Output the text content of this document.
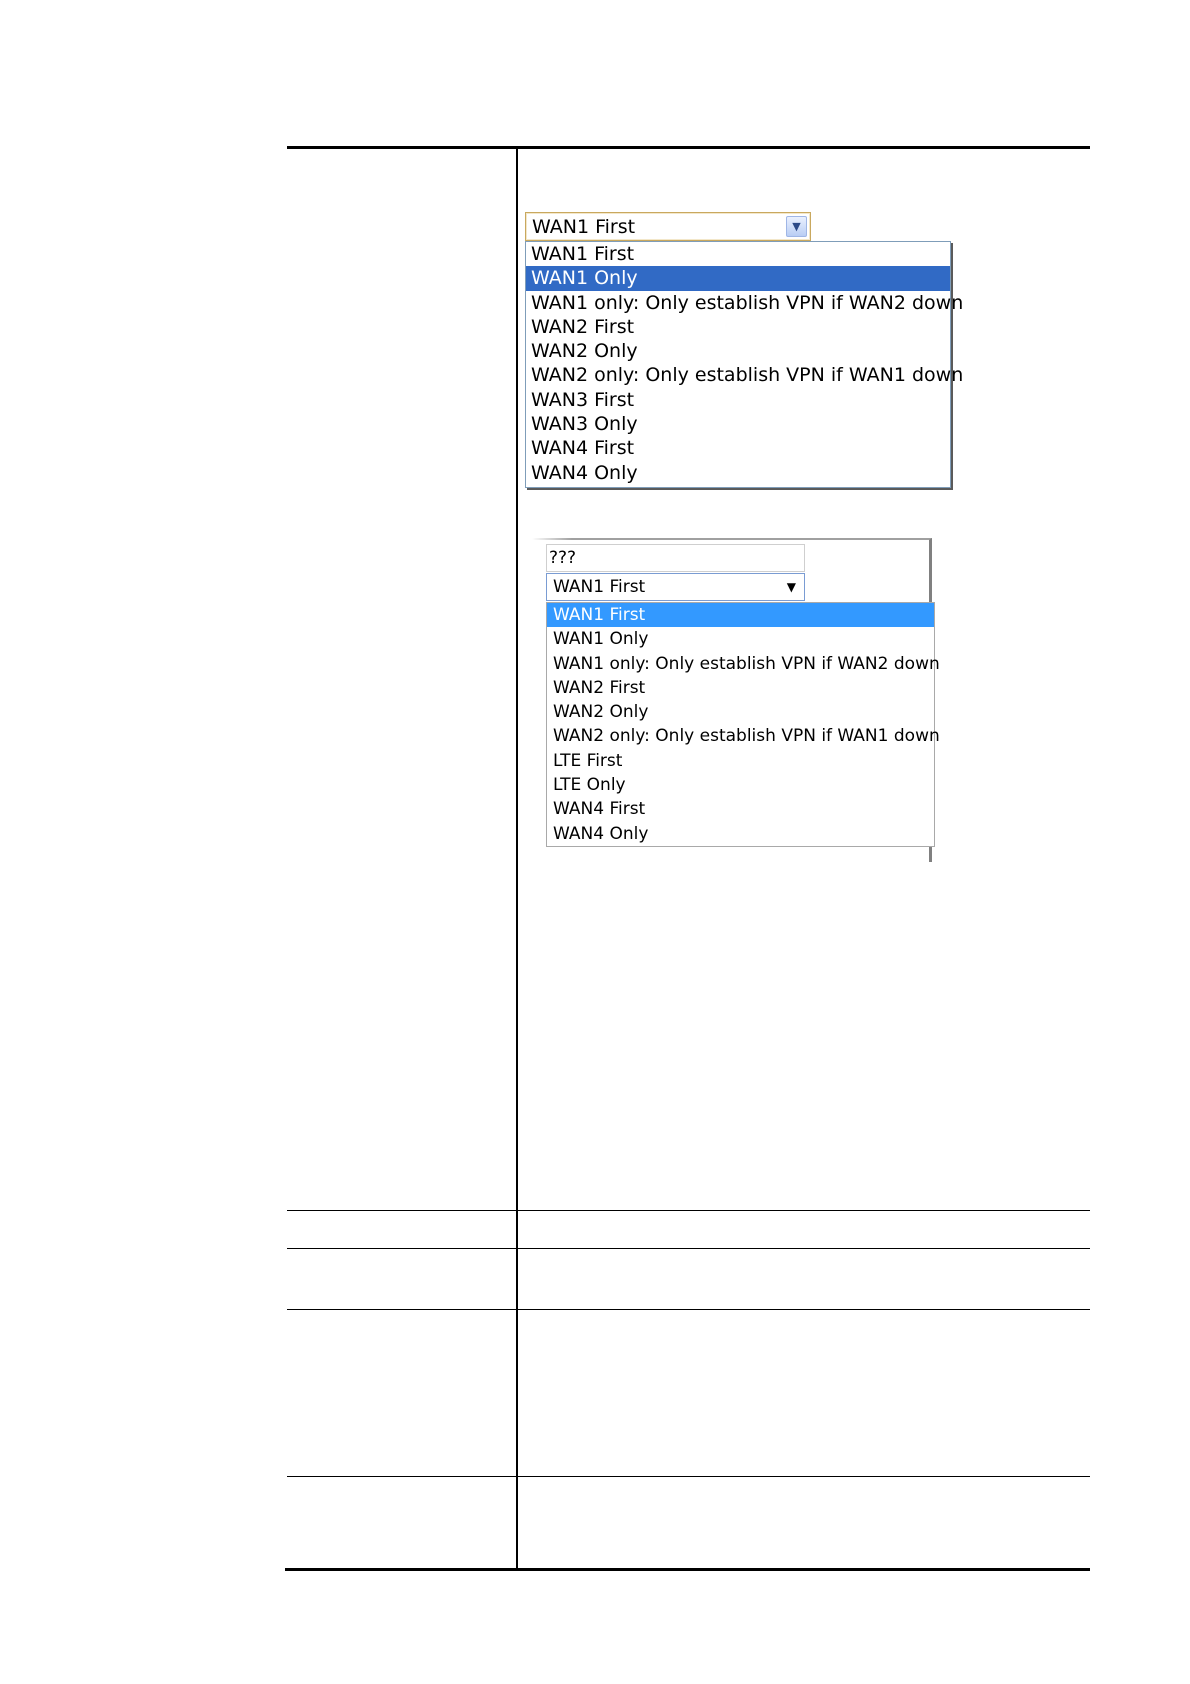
WAN1 First	▼
WAN1 First
WAN1 Only
WAN1 only: Only establish VPN if WAN2 down
WAN2 First
WAN2 Only
WAN2 only: Only establish VPN if WAN1 down
WAN3 First
WAN3 Only
WAN4 First
WAN4 Only
???
WAN1 First	▼
WAN1 First
WAN1 Only
WAN1 only: Only establish VPN if WAN2 down
WAN2 First
WAN2 Only
WAN2 only: Only establish VPN if WAN1 down
LTE First
LTE Only
WAN4 First
WAN4 Only
